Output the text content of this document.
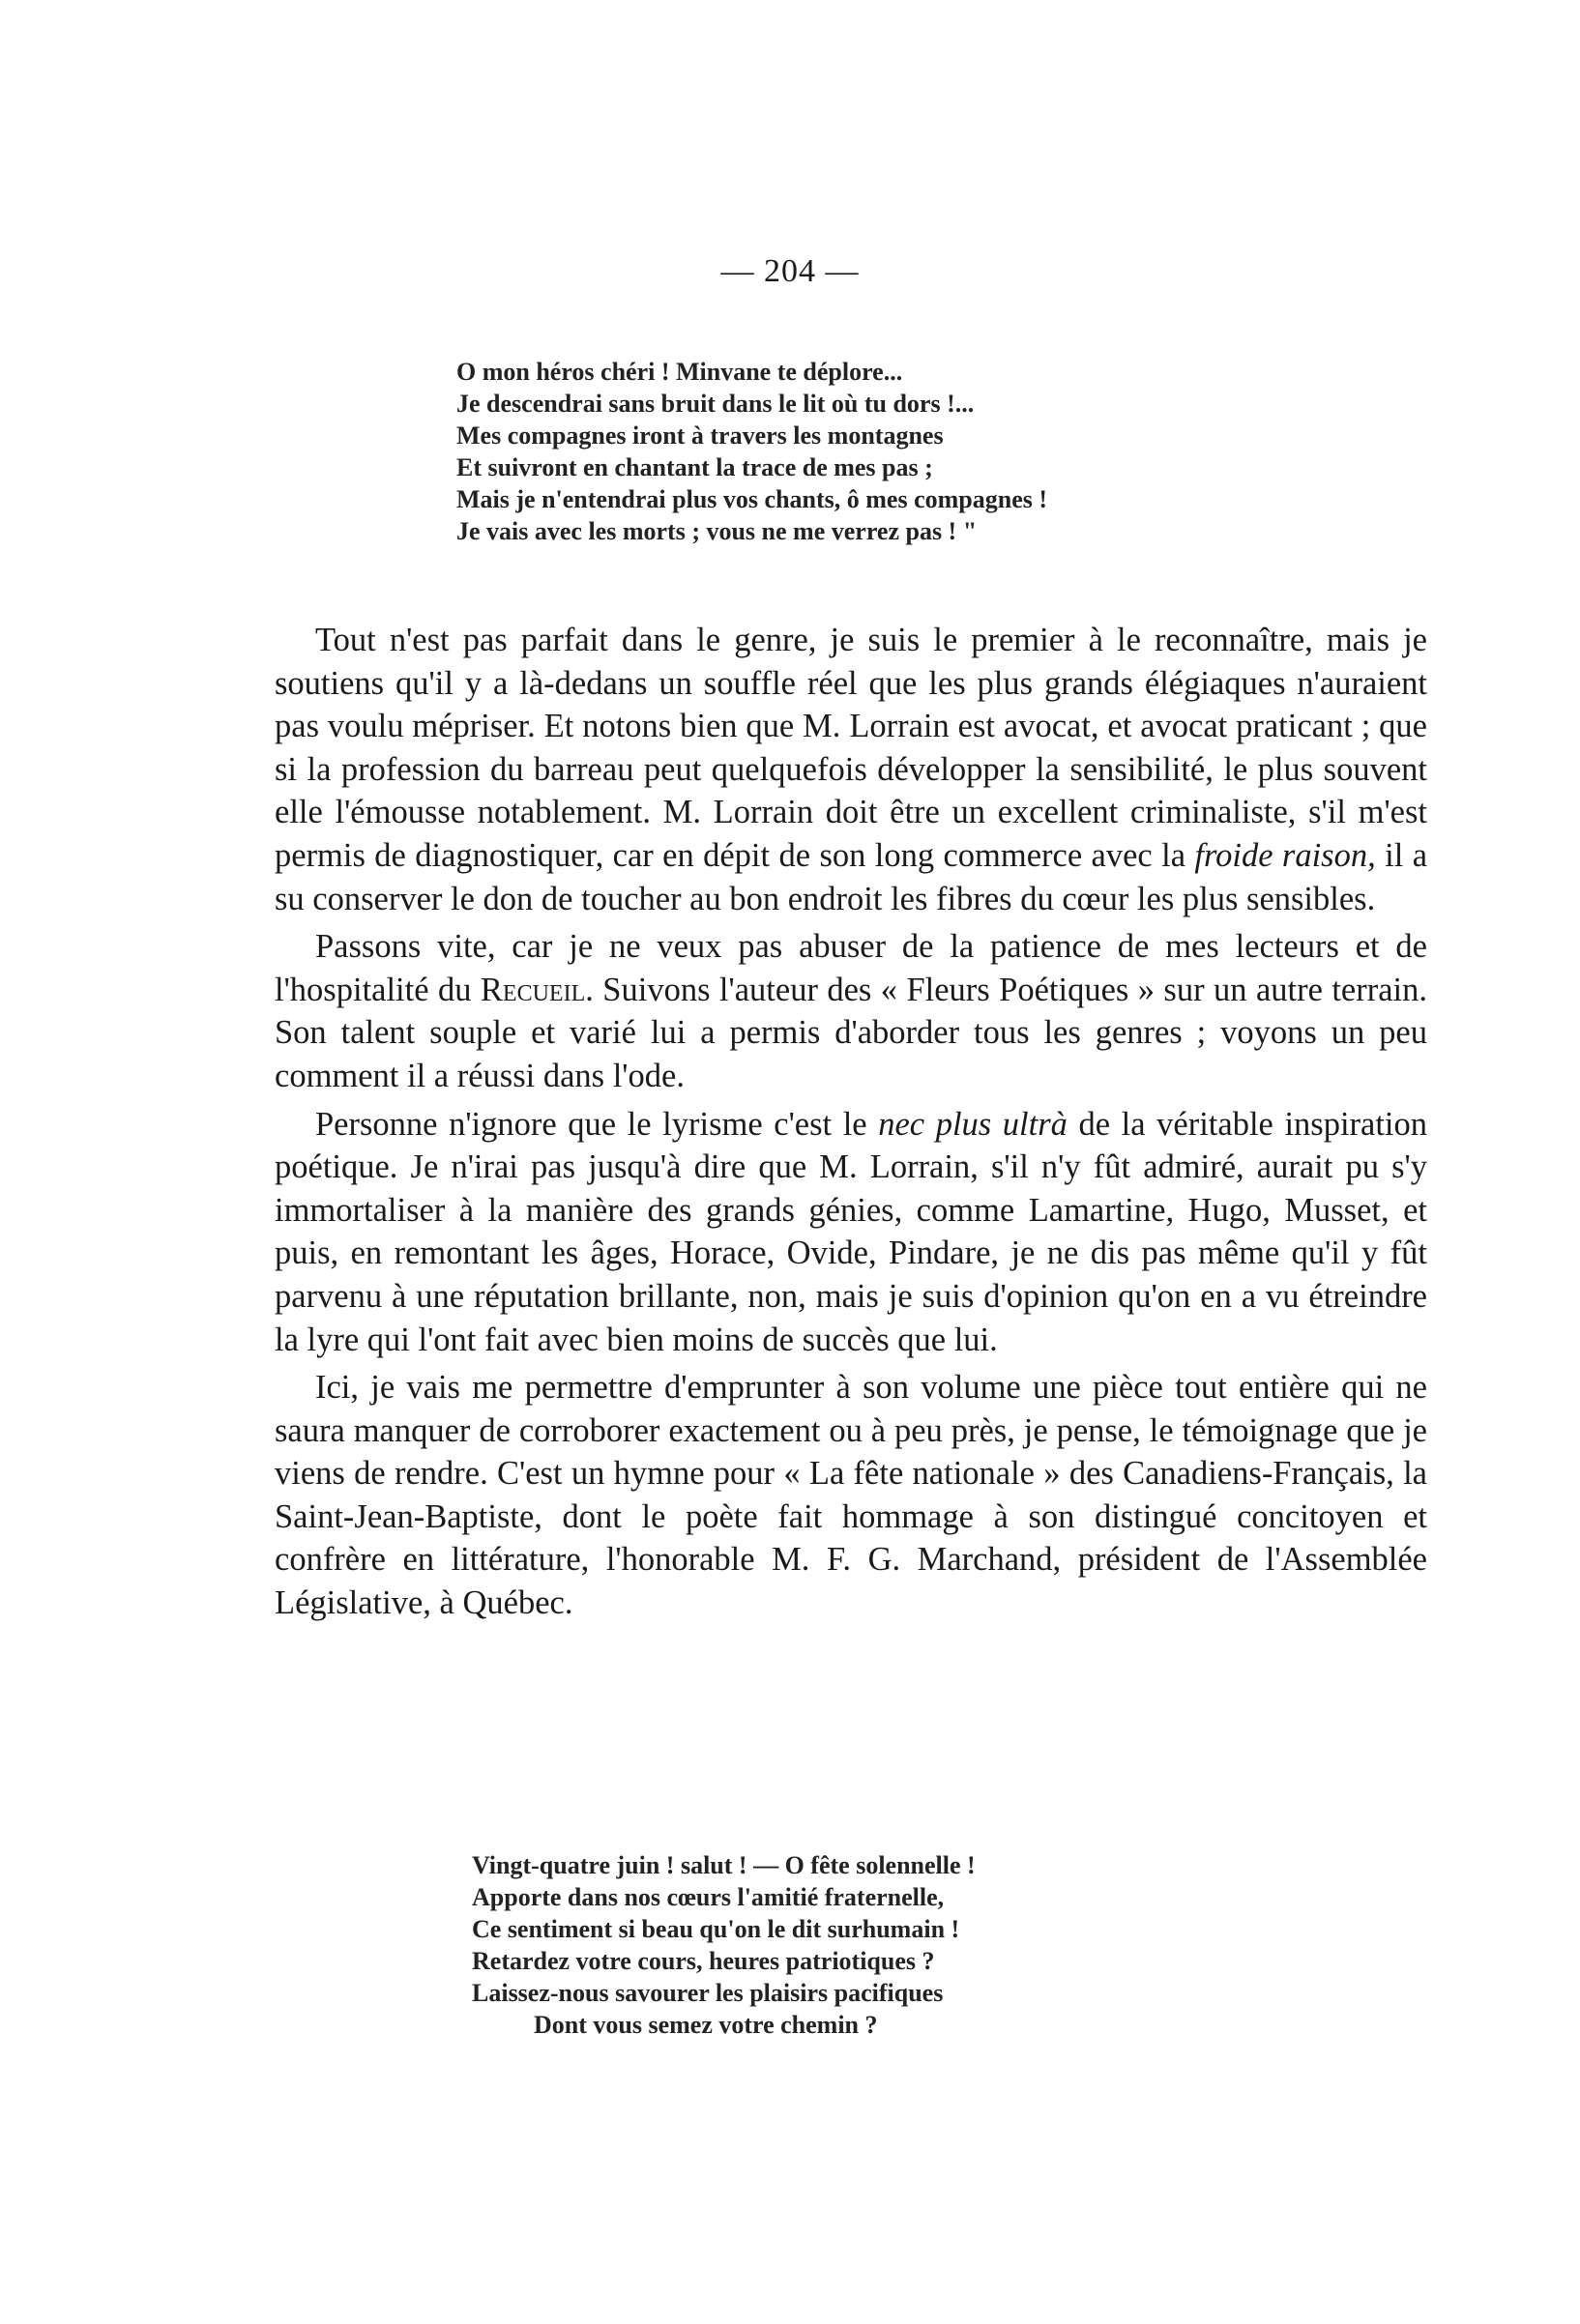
— 204 —
O mon héros chéri ! Minvane te déplore...
Je descendrai sans bruit dans le lit où tu dors !...
Mes compagnes iront à travers les montagnes
Et suivront en chantant la trace de mes pas ;
Mais je n'entendrai plus vos chants, ô mes compagnes !
Je vais avec les morts ; vous ne me verrez pas ! "

Tout n'est pas parfait dans le genre, je suis le premier à le reconnaître, mais je soutiens qu'il y a là-dedans un souffle réel que les plus grands élégiaques n'auraient pas voulu mépriser. Et notons bien que M. Lorrain est avocat, et avocat praticant ; que si la profession du barreau peut quelquefois développer la sensibilité, le plus souvent elle l'émousse notablement. M. Lorrain doit être un excellent criminaliste, s'il m'est permis de diagnostiquer, car en dépit de son long commerce avec la froide raison, il a su conserver le don de toucher au bon endroit les fibres du cœur les plus sensibles.

Passons vite, car je ne veux pas abuser de la patience de mes lecteurs et de l'hospitalité du Recueil. Suivons l'auteur des « Fleurs Poétiques » sur un autre terrain. Son talent souple et varié lui a permis d'aborder tous les genres ; voyons un peu comment il a réussi dans l'ode.

Personne n'ignore que le lyrisme c'est le nec plus ultrà de la véritable inspiration poétique. Je n'irai pas jusqu'à dire que M. Lorrain, s'il n'y fût admiré, aurait pu s'y immortaliser à la manière des grands génies, comme Lamartine, Hugo, Musset, et puis, en remontant les âges, Horace, Ovide, Pindare, je ne dis pas même qu'il y fût parvenu à une réputation brillante, non, mais je suis d'opinion qu'on en a vu étreindre la lyre qui l'ont fait avec bien moins de succès que lui.

Ici, je vais me permettre d'emprunter à son volume une pièce tout entière qui ne saura manquer de corroborer exactement ou à peu près, je pense, le témoignage que je viens de rendre. C'est un hymne pour « La fête nationale » des Canadiens-Français, la Saint-Jean-Baptiste, dont le poète fait hommage à son distingué concitoyen et confrère en littérature, l'honorable M. F. G. Marchand, président de l'Assemblée Législative, à Québec.

Vingt-quatre juin ! salut ! — O fête solennelle !
Apporte dans nos cœurs l'amitié fraternelle,
Ce sentiment si beau qu'on le dit surhumain !
Retardez votre cours, heures patriotiques ?
Laissez-nous savourer les plaisirs pacifiques
Dont vous semez votre chemin ?
